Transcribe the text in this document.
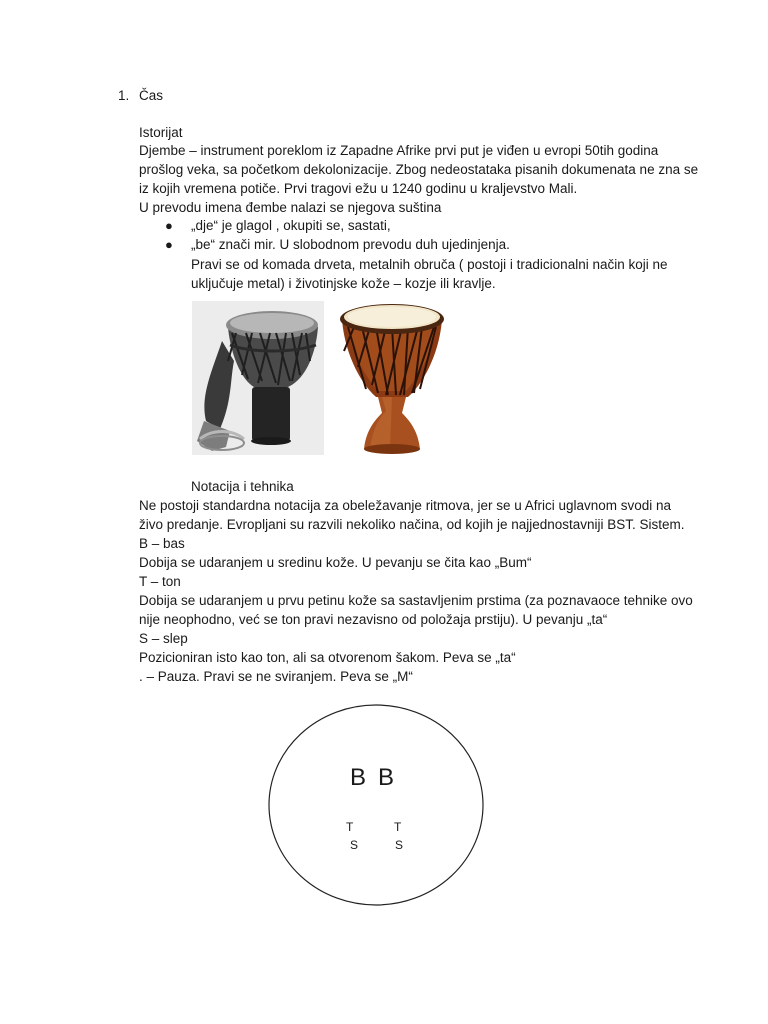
1. Čas
Istorijat
Djembe – instrument poreklom iz Zapadne Afrike prvi put je viđen u evropi 50tih godina
prošlog veka, sa početkom dekolonizacije. Zbog nedeostataka pisanih dokumenata ne zna se
iz kojih vremena potiče. Prvi tragovi ežu u 1240 godinu u kraljevstvo Mali.
U prevodu imena đembe nalazi se njegova suština
● „dje“ je glagol , okupiti se, sastati,
● „be“ znači mir. U slobodnom prevodu duh ujedinjenja.
Pravi se od komada drveta, metalnih obruča ( postoji i tradicionalni način koji ne
uključuje metal) i životinjske kože – kozje ili kravlje.
Notacija i tehnika
Ne postoji standardna notacija za obeležavanje ritmova, jer se u Africi uglavnom svodi na
živo predanje. Evropljani su razvili nekoliko načina, od kojih je najjednostavniji BST. Sistem.
B – bas
Dobija se udaranjem u sredinu kože. U pevanju se čita kao „Bum“
T – ton
Dobija se udaranjem u prvu petinu kože sa sastavljenim prstima (za poznavaoce tehnike ovo
nije neophodno, već se ton pravi nezavisno od položaja prstiju). U pevanju „ta“
S – slep
Pozicioniran isto kao ton, ali sa otvorenom šakom. Peva se „ta“
. – Pauza. Pravi se ne sviranjem. Peva se „M“
B B
T	T
S	S
